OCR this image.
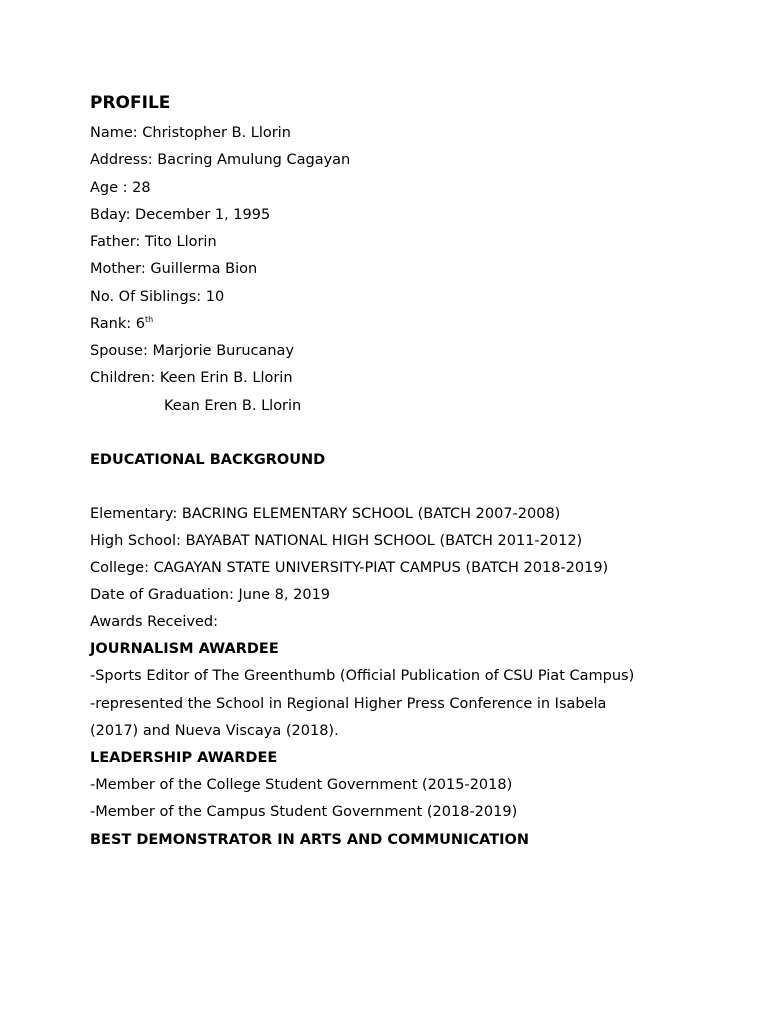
PROFILE
Name: Christopher B. Llorin
Address: Bacring Amulung Cagayan
Age : 28
Bday: December 1, 1995
Father: Tito Llorin
Mother: Guillerma Bion
No. Of Siblings: 10
Rank: 6th
Spouse: Marjorie Burucanay
Children: Keen Erin B. Llorin
Kean Eren B. Llorin
EDUCATIONAL BACKGROUND
Elementary: BACRING ELEMENTARY SCHOOL (BATCH 2007-2008)
High School: BAYABAT NATIONAL HIGH SCHOOL (BATCH 2011-2012)
College: CAGAYAN STATE UNIVERSITY-PIAT CAMPUS (BATCH 2018-2019)
Date of Graduation: June 8, 2019
Awards Received:
JOURNALISM AWARDEE
-Sports Editor of The Greenthumb (Official Publication of CSU Piat Campus)
-represented the School in Regional Higher Press Conference in Isabela
(2017) and Nueva Viscaya (2018).
LEADERSHIP AWARDEE
-Member of the College Student Government (2015-2018)
-Member of the Campus Student Government (2018-2019)
BEST DEMONSTRATOR IN ARTS AND COMMUNICATION
